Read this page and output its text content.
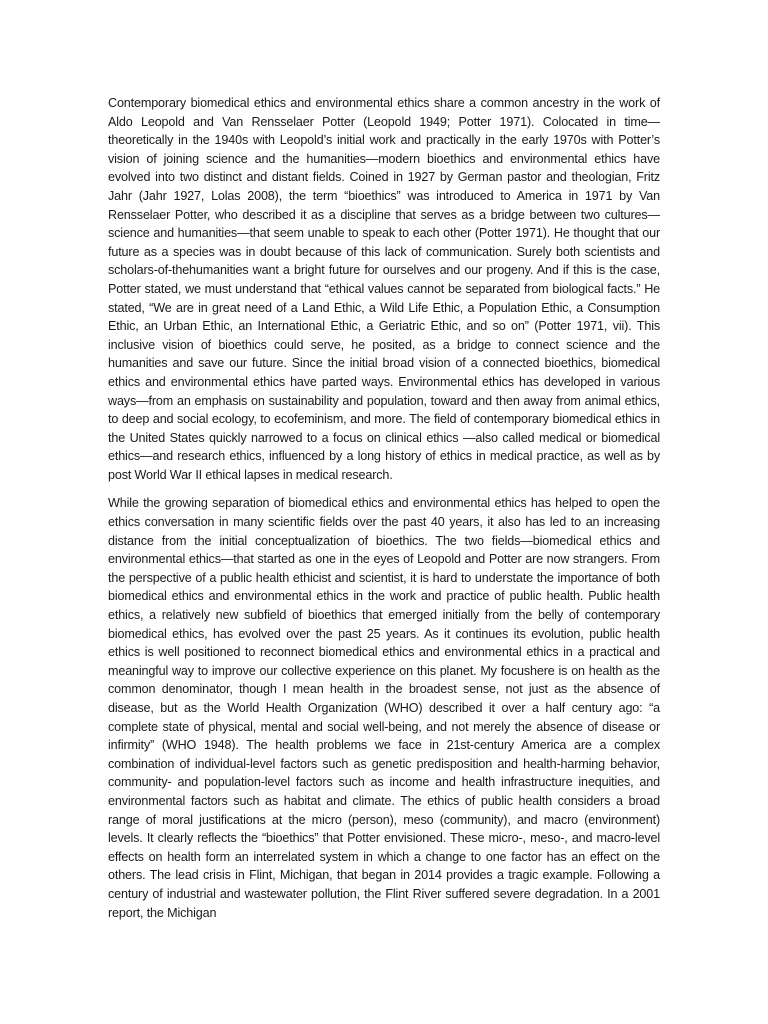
Contemporary biomedical ethics and environmental ethics share a common ancestry in the work of Aldo Leopold and Van Rensselaer Potter (Leopold 1949; Potter 1971). Colocated in time—theoretically in the 1940s with Leopold’s initial work and practically in the early 1970s with Potter’s vision of joining science and the humanities—modern bioethics and environmental ethics have evolved into two distinct and distant fields. Coined in 1927 by German pastor and theologian, Fritz Jahr (Jahr 1927, Lolas 2008), the term “bioethics” was introduced to America in 1971 by Van Rensselaer Potter, who described it as a discipline that serves as a bridge between two cultures—science and humanities—that seem unable to speak to each other (Potter 1971). He thought that our future as a species was in doubt because of this lack of communication. Surely both scientists and scholars-of-thehumanities want a bright future for ourselves and our progeny. And if this is the case, Potter stated, we must understand that “ethical values cannot be separated from biological facts.” He stated, “We are in great need of a Land Ethic, a Wild Life Ethic, a Population Ethic, a Consumption Ethic, an Urban Ethic, an International Ethic, a Geriatric Ethic, and so on” (Potter 1971, vii). This inclusive vision of bioethics could serve, he posited, as a bridge to connect science and the humanities and save our future. Since the initial broad vision of a connected bioethics, biomedical ethics and environmental ethics have parted ways. Environmental ethics has developed in various ways—from an emphasis on sustainability and population, toward and then away from animal ethics, to deep and social ecology, to ecofeminism, and more. The field of contemporary biomedical ethics in the United States quickly narrowed to a focus on clinical ethics —also called medical or biomedical ethics—and research ethics, influenced by a long history of ethics in medical practice, as well as by post World War II ethical lapses in medical research.

While the growing separation of biomedical ethics and environmental ethics has helped to open the ethics conversation in many scientific fields over the past 40 years, it also has led to an increasing distance from the initial conceptualization of bioethics. The two fields—biomedical ethics and environmental ethics—that started as one in the eyes of Leopold and Potter are now strangers. From the perspective of a public health ethicist and scientist, it is hard to understate the importance of both biomedical ethics and environmental ethics in the work and practice of public health. Public health ethics, a relatively new subfield of bioethics that emerged initially from the belly of contemporary biomedical ethics, has evolved over the past 25 years. As it continues its evolution, public health ethics is well positioned to reconnect biomedical ethics and environmental ethics in a practical and meaningful way to improve our collective experience on this planet. My focushere is on health as the common denominator, though I mean health in the broadest sense, not just as the absence of disease, but as the World Health Organization (WHO) described it over a half century ago: “a complete state of physical, mental and social well-being, and not merely the absence of disease or infirmity” (WHO 1948). The health problems we face in 21st-century America are a complex combination of individual-level factors such as genetic predisposition and health-harming behavior, community- and population-level factors such as income and health infrastructure inequities, and environmental factors such as habitat and climate. The ethics of public health considers a broad range of moral justifications at the micro (person), meso (community), and macro (environment) levels. It clearly reflects the “bioethics” that Potter envisioned. These micro-, meso-, and macro-level effects on health form an interrelated system in which a change to one factor has an effect on the others. The lead crisis in Flint, Michigan, that began in 2014 provides a tragic example. Following a century of industrial and wastewater pollution, the Flint River suffered severe degradation. In a 2001 report, the Michigan
